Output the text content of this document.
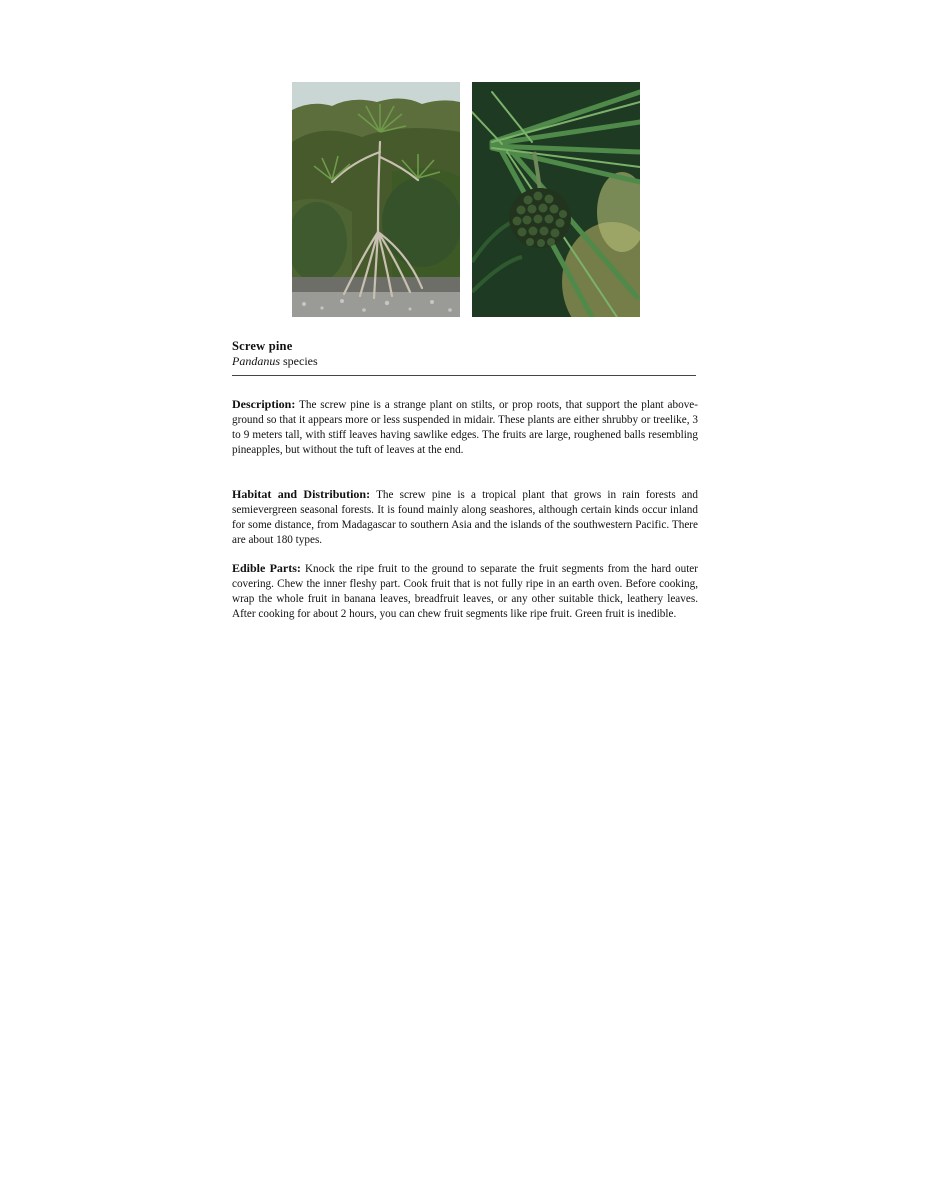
Screw pine
Pandanus species
Description: The screw pine is a strange plant on stilts, or prop roots, that support the plant above-ground so that it appears more or less suspended in midair. These plants are either shrubby or treelike, 3 to 9 meters tall, with stiff leaves having sawlike edges. The fruits are large, roughened balls resembling pineapples, but without the tuft of leaves at the end.
Habitat and Distribution: The screw pine is a tropical plant that grows in rain forests and semievergreen seasonal forests. It is found mainly along seashores, although certain kinds occur inland for some distance, from Madagascar to southern Asia and the islands of the southwestern Pacific. There are about 180 types.
Edible Parts: Knock the ripe fruit to the ground to separate the fruit segments from the hard outer covering. Chew the inner fleshy part. Cook fruit that is not fully ripe in an earth oven. Before cooking, wrap the whole fruit in banana leaves, breadfruit leaves, or any other suitable thick, leathery leaves. After cooking for about 2 hours, you can chew fruit segments like ripe fruit. Green fruit is inedible.
